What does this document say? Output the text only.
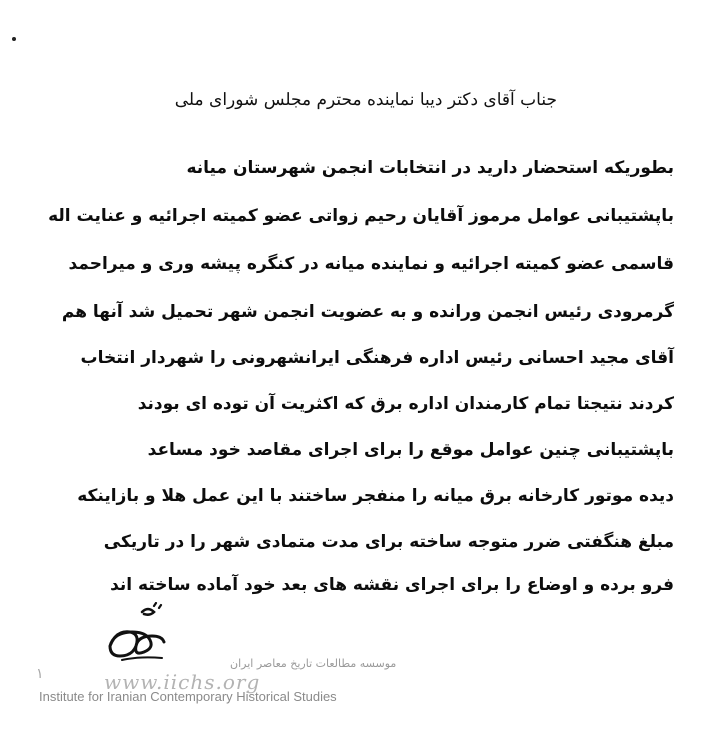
جناب آقای دکتر دیبا نماینده محترم مجلس شورای ملی
بطوریکه استحضار دارید در انتخابات انجمن شهرستان میانه
باپشتیبانی عوامل مرموز آقایان رحیم زواتی عضو کمیته اجرائیه و عنایت اله
قاسمی عضو کمیته اجرائیه و نماینده میانه در کنگره پیشه وری و میراحمد
گرمرودی رئیس انجمن ورانده و به عضویت انجمن شهر تحمیل شد آنها هم
آقای مجید احسانی رئیس اداره فرهنگی ایرانشهرونی را شهردار انتخاب
کردند نتیجتا تمام کارمندان اداره برق که اکثریت آن توده ای بودند
باپشتیبانی چنین عوامل موقع را برای اجرای مقاصد خود مساعد
دیده موتور کارخانه برق میانه را منفجر ساختند با این عمل هلا و بازاینکه
مبلغ هنگفتی ضرر متوجه ساخته برای مدت متمادی شهر را در تاریکی
فرو برده و اوضاع را برای اجرای نقشه های بعد خود آماده ساخته اند
۱
موسسه مطالعات تاریخ معاصر ایران
www.iichs.org
Institute for Iranian Contemporary Historical Studies
